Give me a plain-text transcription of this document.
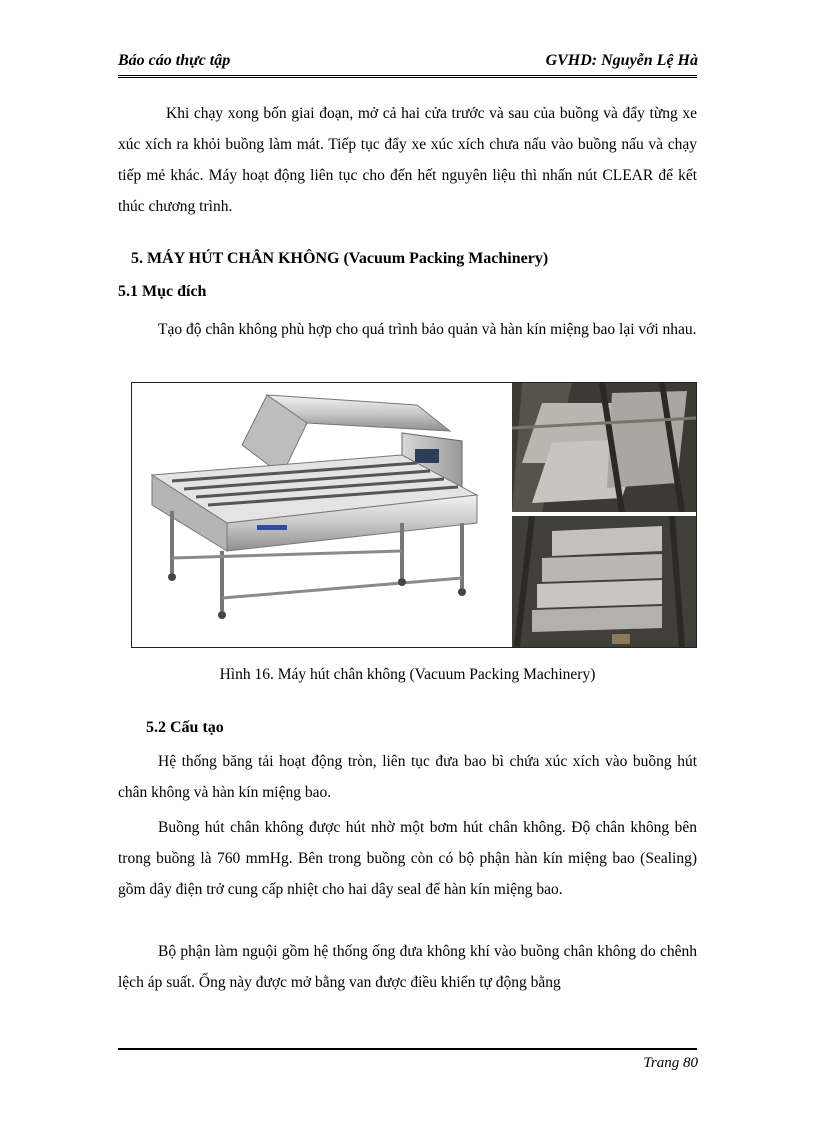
Báo cáo thực tập	GVHD: Nguyễn Lệ Hà
Khi chạy xong bốn giai đoạn, mở cả hai cửa trước và sau của buồng và đẩy từng xe xúc xích ra khỏi buồng làm mát. Tiếp tục đẩy xe xúc xích chưa nấu vào buồng nấu và chạy tiếp mẻ khác. Máy hoạt động liên tục cho đến hết nguyên liệu thì nhấn nút CLEAR để kết thúc chương trình.
5. MÁY HÚT CHÂN KHÔNG (Vacuum Packing Machinery)
5.1 Mục đích
Tạo độ chân không phù hợp cho quá trình bảo quản và hàn kín miệng bao lại với nhau.
Hình 16. Máy hút chân không (Vacuum Packing Machinery)
5.2 Cấu tạo
Hệ thống băng tải hoạt động tròn, liên tục đưa bao bì chứa xúc xích vào buồng hút chân không và hàn kín miệng bao.
Buồng hút chân không được hút nhờ một bơm hút chân không. Độ chân không bên trong buồng là 760 mmHg. Bên trong buồng còn có bộ phận hàn kín miệng bao (Sealing) gồm dây điện trở cung cấp nhiệt cho hai dây seal để hàn kín miệng bao.
Bộ phận làm nguội gồm hệ thống ống đưa không khí vào buồng chân không do chênh lệch áp suất. Ống này được mở bằng van được điều khiển tự động bằng
Trang 80
